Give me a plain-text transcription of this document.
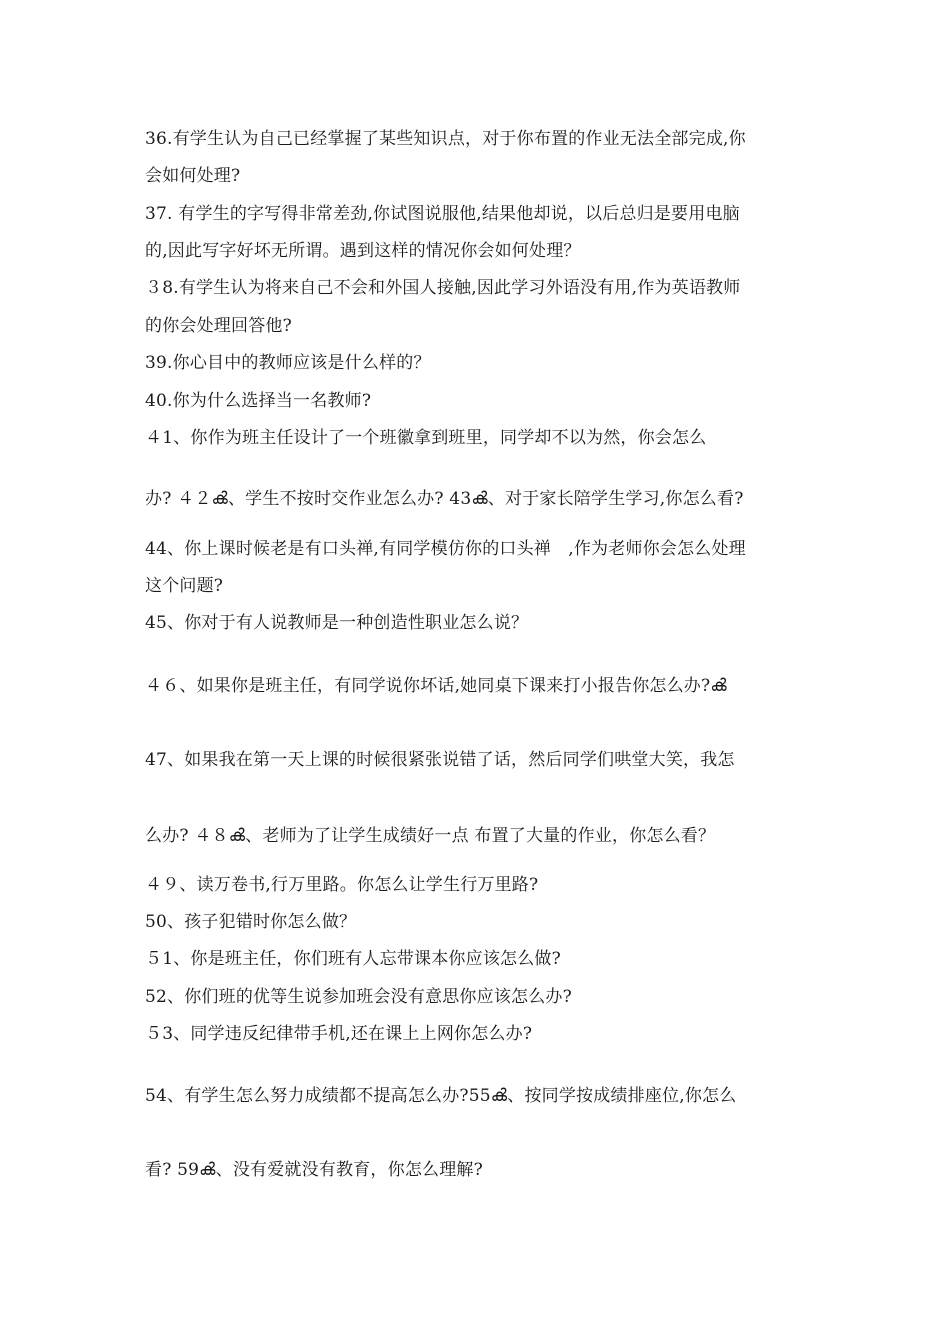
36.有学生认为自己已经掌握了某些知识点，对于你布置的作业无法全部完成,你
会如何处理?
37. 有学生的字写得非常差劲,你试图说服他,结果他却说，以后总归是要用电脑
的,因此写字好坏无所谓。遇到这样的情况你会如何处理？
３8.有学生认为将来自己不会和外国人接触,因此学习外语没有用,作为英语教师
的你会处理回答他?
39.你心目中的教师应该是什么样的？
40.你为什么选择当一名教师?
４1、你作为班主任设计了一个班徽拿到班里，同学却不以为然，你会怎么
办? ４２ൿ、学生不按时交作业怎么办? 43ൿ、对于家长陪学生学习,你怎么看?
44、你上课时候老是有口头禅,有同学模仿你的口头禅　,作为老师你会怎么处理
这个问题?
45、你对于有人说教师是一种创造性职业怎么说？
４６、如果你是班主任，有同学说你坏话,她同桌下课来打小报告你怎么办?ൿ
47、如果我在第一天上课的时候很紧张说错了话，然后同学们哄堂大笑，我怎
么办? ４８ൿ、老师为了让学生成绩好一点 布置了大量的作业，你怎么看？
４９、读万卷书,行万里路。你怎么让学生行万里路?
50、孩子犯错时你怎么做？
５1、你是班主任，你们班有人忘带课本你应该怎么做?
52、你们班的优等生说参加班会没有意思你应该怎么办?
５3、同学违反纪律带手机,还在课上上网你怎么办?
54、有学生怎么努力成绩都不提高怎么办?55ൿ、按同学按成绩排座位,你怎么
看? 59ൿ、没有爱就没有教育，你怎么理解?
